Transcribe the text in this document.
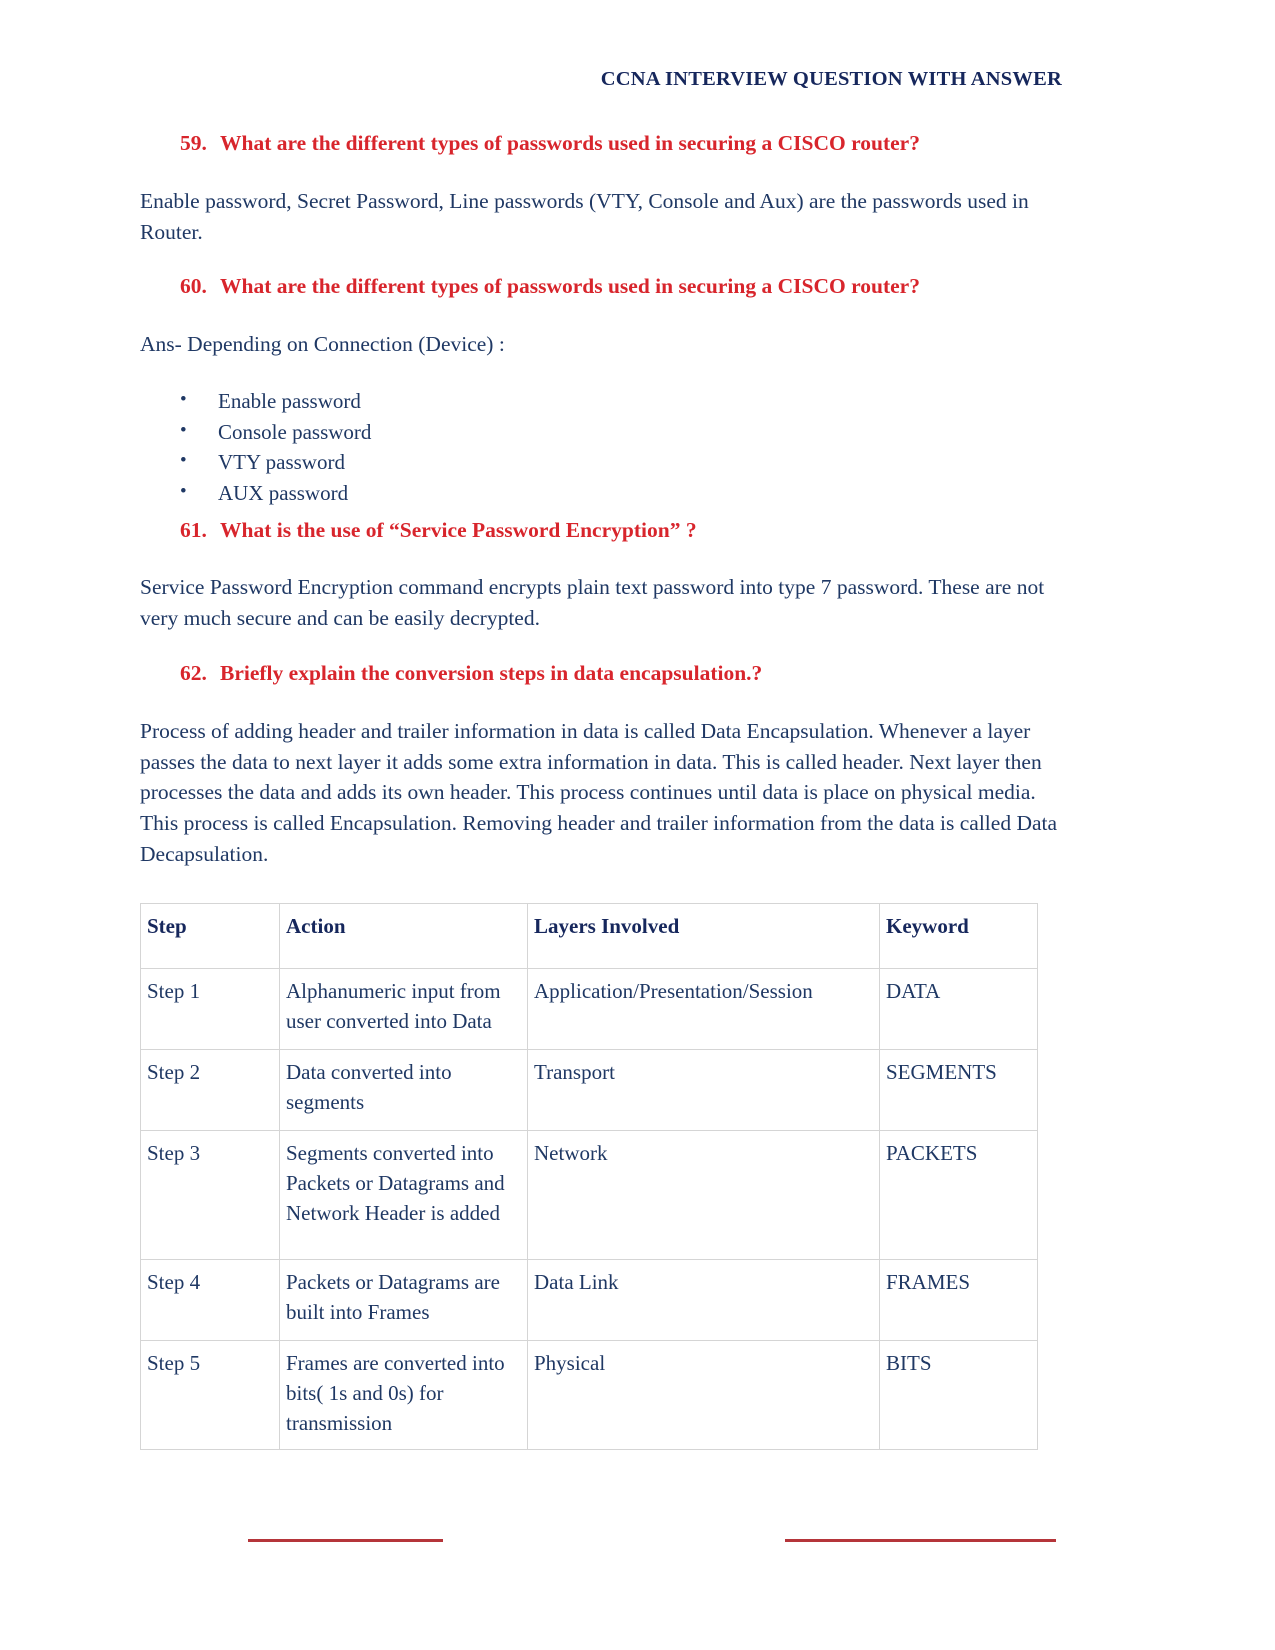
CCNA INTERVIEW QUESTION WITH ANSWER
59. What are the different types of passwords used in securing a CISCO router?

Enable password, Secret Password, Line passwords (VTY, Console and Aux) are the passwords used in Router.

60. What are the different types of passwords used in securing a CISCO router?

Ans- Depending on Connection (Device) :

• Enable password
• Console password
• VTY password
• AUX password
61. What is the use of “Service Password Encryption” ?

Service Password Encryption command encrypts plain text password into type 7 password. These are not very much secure and can be easily decrypted.

62. Briefly explain the conversion steps in data encapsulation.?

Process of adding header and trailer information in data is called Data Encapsulation. Whenever a layer passes the data to next layer it adds some extra information in data. This is called header. Next layer then processes the data and adds its own header. This process continues until data is place on physical media. This process is called Encapsulation. Removing header and trailer information from the data is called Data Decapsulation.

Step	Action	Layers Involved	Keyword
Step 1	Alphanumeric input from user converted into Data	Application/Presentation/Session	DATA
Step 2	Data converted into segments	Transport	SEGMENTS
Step 3	Segments converted into Packets or Datagrams and Network Header is added	Network	PACKETS
Step 4	Packets or Datagrams are built into Frames	Data Link	FRAMES
Step 5	Frames are converted into bits( 1s and 0s) for transmission	Physical	BITS
